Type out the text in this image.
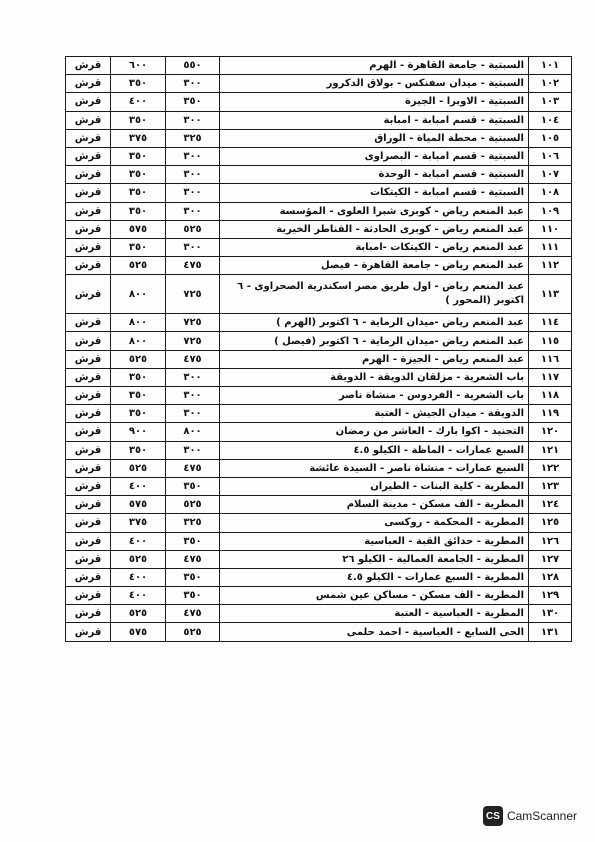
١٠١	السبتية - جامعة القاهرة - الهرم	٥٥٠	٦٠٠	قرش
١٠٢	السبتية - ميدان سفنكس - بولاق الدكرور	٣٠٠	٣٥٠	قرش
١٠٣	السبتية - الاوبرا - الجيزة	٣٥٠	٤٠٠	قرش
١٠٤	السبتية - قسم امبابة - امبابة	٣٠٠	٣٥٠	قرش
١٠٥	السبتية - محطة المياة - الوراق	٣٢٥	٣٧٥	قرش
١٠٦	السبتية - قسم امبابة - البصراوى	٣٠٠	٣٥٠	قرش
١٠٧	السبتية - قسم امبابة - الوحدة	٣٠٠	٣٥٠	قرش
١٠٨	السبتية - قسم امبابة - الكيتكات	٣٠٠	٣٥٠	قرش
١٠٩	عبد المنعم رياض - كوبرى شبرا العلوى - المؤسسة	٣٠٠	٣٥٠	قرش
١١٠	عبد المنعم رياض - كوبرى الحادثة - القناطر الخيرية	٥٢٥	٥٧٥	قرش
١١١	عبد المنعم رياض - الكيتكات -امبابة	٣٠٠	٣٥٠	قرش
١١٢	عبد المنعم رياض - جامعة القاهرة - فيصل	٤٧٥	٥٢٥	قرش
١١٣	عبد المنعم رياض - اول طريق مصر اسكندرية الصحراوى - ٦ اكتوبر (المحور )	٧٢٥	٨٠٠	قرش
١١٤	عبد المنعم رياض -ميدان الرماية - ٦ اكتوبر (الهرم )	٧٢٥	٨٠٠	قرش
١١٥	عبد المنعم رياض -ميدان الرماية - ٦ اكتوبر (فيصل )	٧٢٥	٨٠٠	قرش
١١٦	عبد المنعم رياض - الجيزة - الهرم	٤٧٥	٥٢٥	قرش
١١٧	باب الشعرية - مزلقان الدويقة - الدويقة	٣٠٠	٣٥٠	قرش
١١٨	باب الشعرية - الفردوس - منشاة ناصر	٣٠٠	٣٥٠	قرش
١١٩	الدويقة - ميدان الجيش - العتبة	٣٠٠	٣٥٠	قرش
١٢٠	التجنيد - اكوا بارك - العاشر من رمضان	٨٠٠	٩٠٠	قرش
١٢١	السبع عمارات - الماظة - الكيلو ٤.٥	٣٠٠	٣٥٠	قرش
١٢٢	السبع عمارات - منشاة ناصر - السيدة عائشة	٤٧٥	٥٢٥	قرش
١٢٣	المطرية - كلية البنات - الطيران	٣٥٠	٤٠٠	قرش
١٢٤	المطرية - الف مسكن - مدينة السلام	٥٢٥	٥٧٥	قرش
١٢٥	المطرية - المحكمة - روكسى	٣٢٥	٣٧٥	قرش
١٢٦	المطرية - حدائق القبة - العباسية	٣٥٠	٤٠٠	قرش
١٢٧	المطرية - الجامعة العمالية - الكيلو ٢٦	٤٧٥	٥٢٥	قرش
١٢٨	المطرية - السبع عمارات - الكيلو ٤.٥	٣٥٠	٤٠٠	قرش
١٢٩	المطرية - الف مسكن - مساكن عين شمس	٣٥٠	٤٠٠	قرش
١٣٠	المطرية - العباسية - العتبة	٤٧٥	٥٢٥	قرش
١٣١	الحى السابع - العباسية - احمد حلمى	٥٢٥	٥٧٥	قرش
CS CamScanner
